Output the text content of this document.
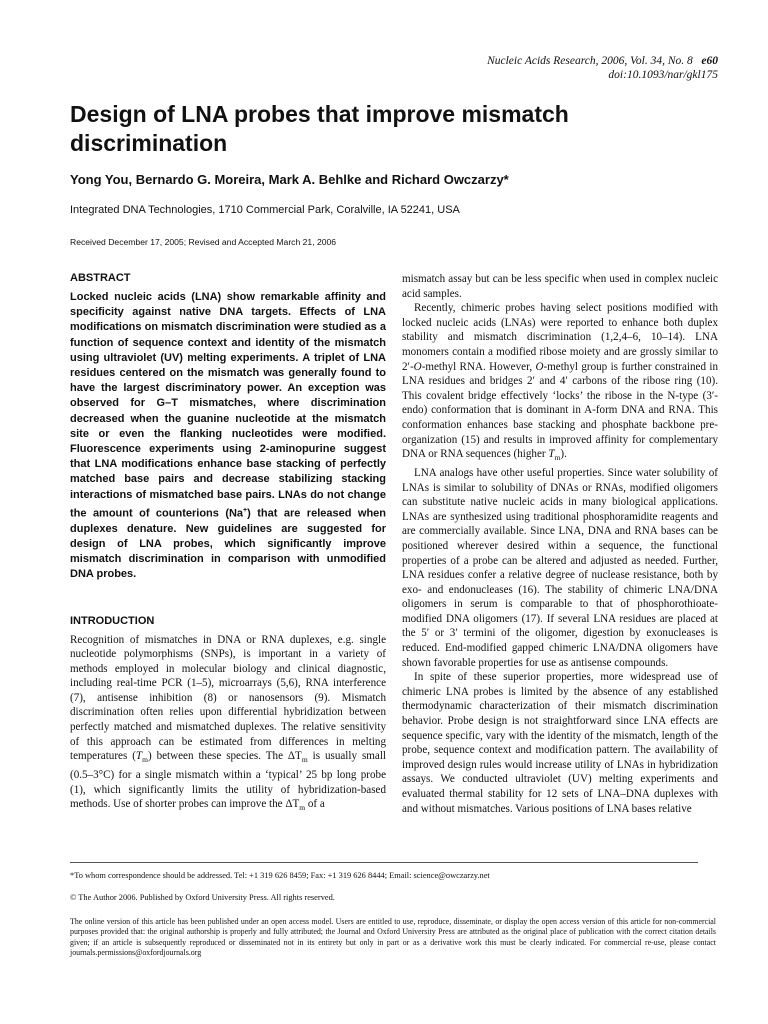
Nucleic Acids Research, 2006, Vol. 34, No. 8 e60
doi:10.1093/nar/gkl175
Design of LNA probes that improve mismatch discrimination
Yong You, Bernardo G. Moreira, Mark A. Behlke and Richard Owczarzy*
Integrated DNA Technologies, 1710 Commercial Park, Coralville, IA 52241, USA
Received December 17, 2005; Revised and Accepted March 21, 2006
ABSTRACT

Locked nucleic acids (LNA) show remarkable affinity and specificity against native DNA targets. Effects of LNA modifications on mismatch discrimination were studied as a function of sequence context and identity of the mismatch using ultraviolet (UV) melting experiments. A triplet of LNA residues centered on the mismatch was generally found to have the largest discriminatory power. An exception was observed for G–T mismatches, where discrimination decreased when the guanine nucleotide at the mismatch site or even the flanking nucleotides were modified. Fluorescence experiments using 2-aminopurine suggest that LNA modifications enhance base stacking of perfectly matched base pairs and decrease stabilizing stacking interactions of mismatched base pairs. LNAs do not change the amount of counterions (Na+) that are released when duplexes denature. New guidelines are suggested for design of LNA probes, which significantly improve mismatch discrimination in comparison with unmodified DNA probes.

INTRODUCTION

Recognition of mismatches in DNA or RNA duplexes, e.g. single nucleotide polymorphisms (SNPs), is important in a variety of methods employed in molecular biology and clinical diagnostic, including real-time PCR (1–5), microarrays (5,6), RNA interference (7), antisense inhibition (8) or nanosensors (9). Mismatch discrimination often relies upon differential hybridization between perfectly matched and mismatched duplexes. The relative sensitivity of this approach can be estimated from differences in melting temperatures $(T_m)$ between these species. The $\Delta T_m$ is usually small (0.5–3°C) for a single mismatch within a ‘typical’ 25 bp long probe (1), which significantly limits the utility of hybridization-based methods. Use of shorter probes can improve the $\Delta T_m$ of a

mismatch assay but can be less specific when used in complex nucleic acid samples.

Recently, chimeric probes having select positions modified with locked nucleic acids (LNAs) were reported to enhance both duplex stability and mismatch discrimination (1,2,4–6, 10–14). LNA monomers contain a modified ribose moiety and are grossly similar to 2′-O-methyl RNA. However, O-methyl group is further constrained in LNA residues and bridges 2′ and 4′ carbons of the ribose ring (10). This covalent bridge effectively ‘locks’ the ribose in the N-type (3′-endo) conformation that is dominant in A-form DNA and RNA. This conformation enhances base stacking and phosphate backbone pre-organization (15) and results in improved affinity for complementary DNA or RNA sequences (higher $T_m$).

LNA analogs have other useful properties. Since water solubility of LNAs is similar to solubility of DNAs or RNAs, modified oligomers can substitute native nucleic acids in many biological applications. LNAs are synthesized using traditional phosphoramidite reagents and are commercially available. Since LNA, DNA and RNA bases can be positioned wherever desired within a sequence, the functional properties of a probe can be altered and adjusted as needed. Further, LNA residues confer a relative degree of nuclease resistance, both by exo- and endonucleases (16). The stability of chimeric LNA/DNA oligomers in serum is comparable to that of phosphorothioate-modified DNA oligomers (17). If several LNA residues are placed at the 5′ or 3′ termini of the oligomer, digestion by exonucleases is reduced. End-modified gapped chimeric LNA/DNA oligomers have shown favorable properties for use as antisense compounds.

In spite of these superior properties, more widespread use of chimeric LNA probes is limited by the absence of any established thermodynamic characterization of their mismatch discrimination behavior. Probe design is not straightforward since LNA effects are sequence specific, vary with the identity of the mismatch, length of the probe, sequence context and modification pattern. The availability of improved design rules would increase utility of LNAs in hybridization assays. We conducted ultraviolet (UV) melting experiments and evaluated thermal stability for 12 sets of LNA–DNA duplexes with and without mismatches. Various positions of LNA bases relative

*To whom correspondence should be addressed. Tel: +1 319 626 8459; Fax: +1 319 626 8444; Email: science@owczarzy.net
© The Author 2006. Published by Oxford University Press. All rights reserved.
The online version of this article has been published under an open access model. Users are entitled to use, reproduce, disseminate, or display the open access version of this article for non-commercial purposes provided that: the original authorship is properly and fully attributed; the Journal and Oxford University Press are attributed as the original place of publication with the correct citation details given; if an article is subsequently reproduced or disseminated not in its entirety but only in part or as a derivative work this must be clearly indicated. For commercial re-use, please contact journals.permissions@oxfordjournals.org
